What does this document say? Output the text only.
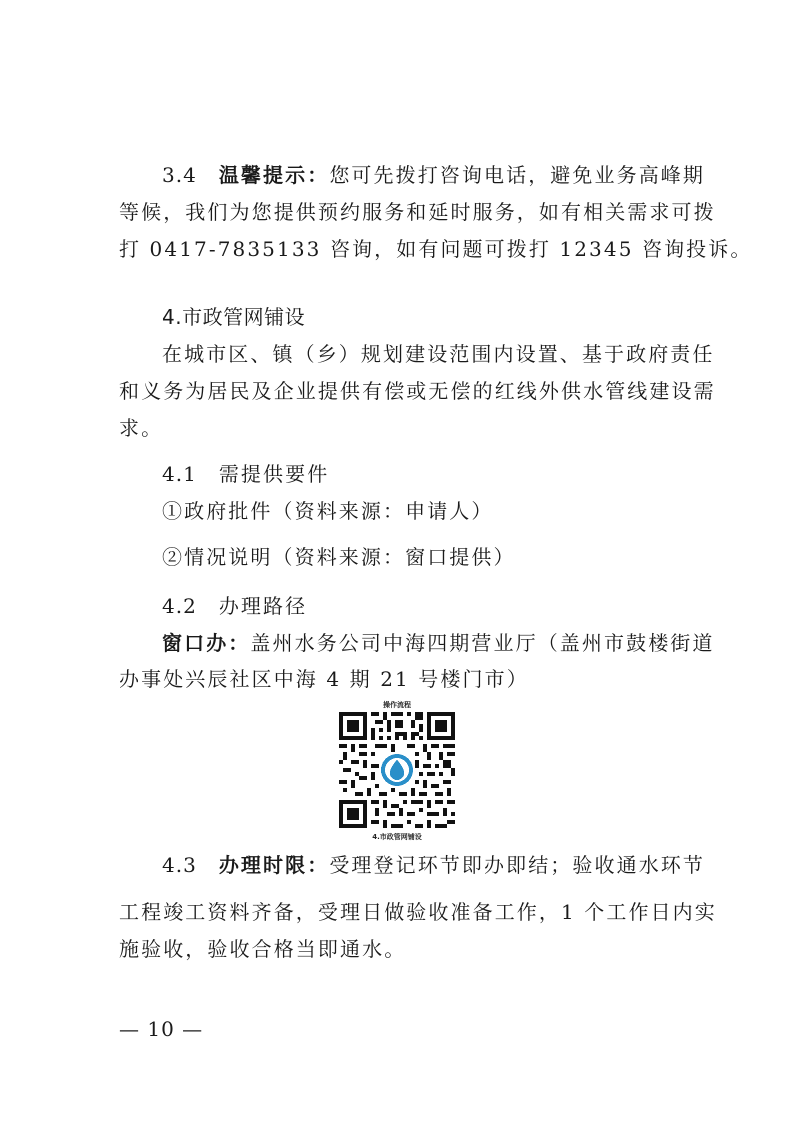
3.4 温馨提示：您可先拨打咨询电话，避免业务高峰期
等候，我们为您提供预约服务和延时服务，如有相关需求可拨
打 0417-7835133 咨询，如有问题可拨打 12345 咨询投诉。
4.市政管网铺设
在城市区、镇（乡）规划建设范围内设置、基于政府责任
和义务为居民及企业提供有偿或无偿的红线外供水管线建设需
求。
4.1 需提供要件
①政府批件（资料来源：申请人）
②情况说明（资料来源：窗口提供）
4.2 办理路径
窗口办：盖州水务公司中海四期营业厅（盖州市鼓楼街道
办事处兴辰社区中海 4 期 21 号楼门市）
操作流程
4.市政管网铺设
4.3 办理时限：受理登记环节即办即结；验收通水环节
工程竣工资料齐备，受理日做验收准备工作，1 个工作日内实
施验收，验收合格当即通水。
— 10 —
